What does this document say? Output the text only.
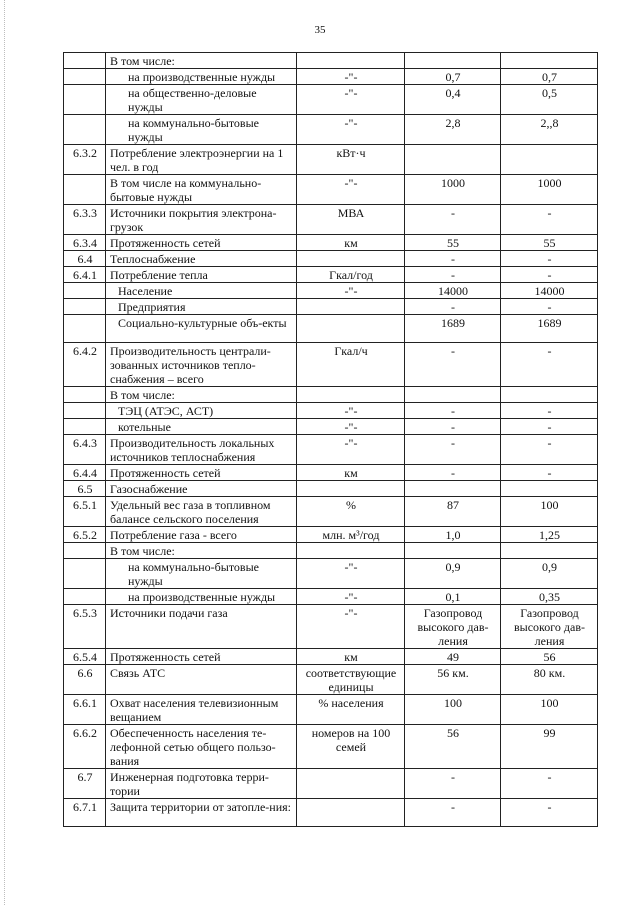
35
	В том числе:			
	на производственные нужды	-"-	0,7	0,7
	на общественно-деловые нужды	-"-	0,4	0,5
	на коммунально-бытовые нужды	-"-	2,8	2,,8
6.3.2	Потребление электроэнергии на 1 чел. в год	кВт·ч		
	В том числе на коммунально-бытовые нужды	-"-	1000	1000
6.3.3	Источники покрытия электрона-грузок	МВА	-	-
6.3.4	Протяженность сетей	км	55	55
6.4	Теплоснабжение		-	-
6.4.1	Потребление тепла	Гкал/год	-	-
	Население	-"-	14000	14000
	Предприятия		-	-
	Социально-культурные объ-екты		1689	1689
6.4.2	Производительность централи-зованных источников тепло-снабжения – всего	Гкал/ч	-	-
	В том числе:			
	ТЭЦ (АТЭС, АСТ)	-"-	-	-
	котельные	-"-	-	-
6.4.3	Производительность локальных источников теплоснабжения	-"-	-	-
6.4.4	Протяженность сетей	км	-	-
6.5	Газоснабжение			
6.5.1	Удельный вес газа в топливном балансе сельского поселения	%	87	100
6.5.2	Потребление газа - всего	млн. м³/год	1,0	1,25
	В том числе:			
	на коммунально-бытовые нужды	-"-	0,9	0,9
	на производственные нужды	-"-	0,1	0,35
6.5.3	Источники подачи газа	-"-	Газопровод высокого дав-ления	Газопровод высокого дав-ления
6.5.4	Протяженность сетей	км	49	56
6.6	Связь АТС	соответствующие единицы	56 км.	80 км.
6.6.1	Охват населения телевизионным вещанием	% населения	100	100
6.6.2	Обеспеченность населения те-лефонной сетью общего пользо-вания	номеров на 100 семей	56	99
6.7	Инженерная подготовка терри-тории		-	-
6.7.1	Защита территории от затопле-ния:		-	-
